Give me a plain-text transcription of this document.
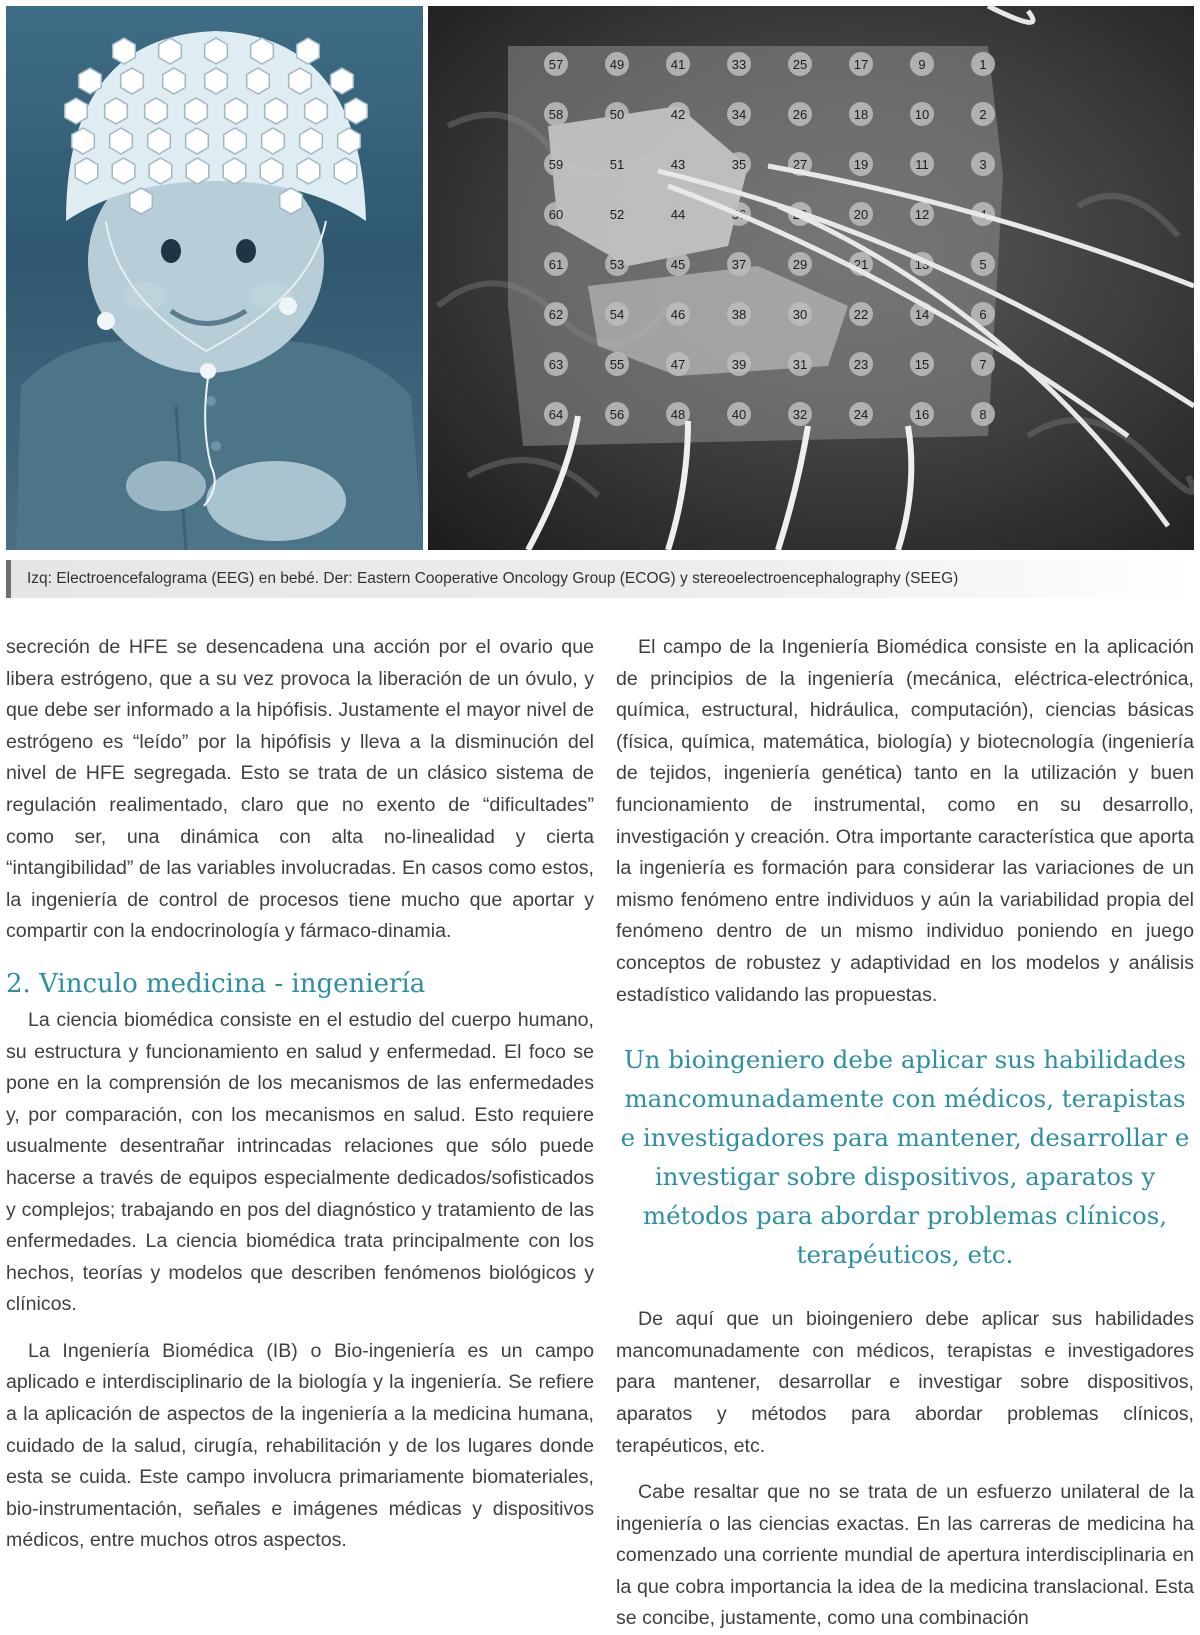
57	49	41	33	25	17	9	1
58	50	42	34	26	18	10	2
59	51	43	35	27	19	11	3
60	52	44	36	28	20	12	4
61	53	45	37	29	21	13	5
62	54	46	38	30	22	14	6
63	55	47	39	31	23	15	7
64	56	48	40	32	24	16	8
Izq: Electroencefalograma (EEG) en bebé. Der: Eastern Cooperative Oncology Group (ECOG) y stereoelectroencephalography (SEEG)

secreción de HFE se desencadena una acción por el ovario que libera estrógeno, que a su vez provoca la liberación de un óvulo, y que debe ser informado a la hipófisis. Justamente el mayor nivel de estrógeno es “leído” por la hipófisis y lleva a la disminución del nivel de HFE segregada. Esto se trata de un clásico sistema de regulación realimentado, claro que no exento de “dificultades” como ser, una dinámica con alta no-linealidad y cierta “intangibilidad” de las variables involucradas. En casos como estos, la ingeniería de control de procesos tiene mucho que aportar y compartir con la endocrinología y fármaco-dinamia.

2. Vinculo medicina - ingeniería

La ciencia biomédica consiste en el estudio del cuerpo humano, su estructura y funcionamiento en salud y enfermedad. El foco se pone en la comprensión de los mecanismos de las enfermedades y, por comparación, con los mecanismos en salud. Esto requiere usualmente desentrañar intrincadas relaciones que sólo puede hacerse a través de equipos especialmente dedicados/sofisticados y complejos; trabajando en pos del diagnóstico y tratamiento de las enfermedades. La ciencia biomédica trata principalmente con los hechos, teorías y modelos que describen fenómenos biológicos y clínicos.

La Ingeniería Biomédica (IB) o Bio-ingeniería es un campo aplicado e interdisciplinario de la biología y la ingeniería. Se refiere a la aplicación de aspectos de la ingeniería a la medicina humana, cuidado de la salud, cirugía, rehabilitación y de los lugares donde esta se cuida. Este campo involucra primariamente biomateriales, bio-instrumentación, señales e imágenes médicas y dispositivos médicos, entre muchos otros aspectos.

El campo de la Ingeniería Biomédica consiste en la aplicación de principios de la ingeniería (mecánica, eléctrica-electrónica, química, estructural, hidráulica, computación), ciencias básicas (física, química, matemática, biología) y biotecnología (ingeniería de tejidos, ingeniería genética) tanto en la utilización y buen funcionamiento de instrumental, como en su desarrollo, investigación y creación. Otra importante característica que aporta la ingeniería es formación para considerar las variaciones de un mismo fenómeno entre individuos y aún la variabilidad propia del fenómeno dentro de un mismo individuo poniendo en juego conceptos de robustez y adaptividad en los modelos y análisis estadístico validando las propuestas.

Un bioingeniero debe aplicar sus habilidades mancomunadamente con médicos, terapistas e investigadores para mantener, desarrollar e investigar sobre dispositivos, aparatos y métodos para abordar problemas clínicos, terapéuticos, etc.

De aquí que un bioingeniero debe aplicar sus habilidades mancomunadamente con médicos, terapistas e investigadores para mantener, desarrollar e investigar sobre dispositivos, aparatos y métodos para abordar problemas clínicos, terapéuticos, etc.

Cabe resaltar que no se trata de un esfuerzo unilateral de la ingeniería o las ciencias exactas. En las carreras de medicina ha comenzado una corriente mundial de apertura interdisciplinaria en la que cobra importancia la idea de la medicina translacional. Esta se concibe, justamente, como una combinación
